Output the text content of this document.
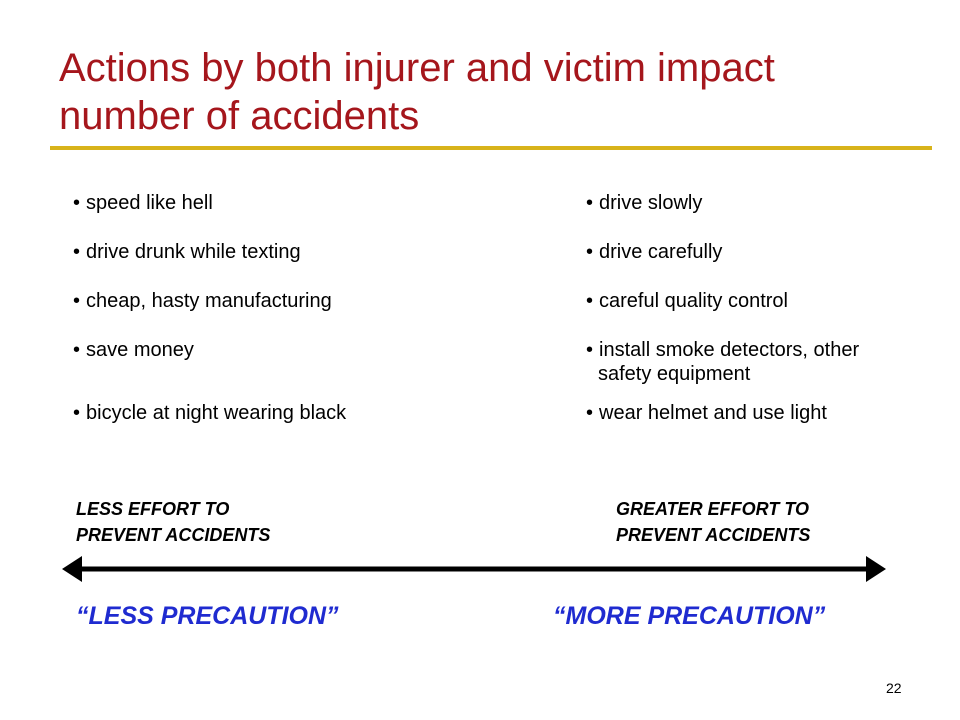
Actions by both injurer and victim impact
number of accidents
• speed like hell
• drive drunk while texting
• cheap, hasty manufacturing
• save money
• bicycle at night wearing black
• drive slowly
• drive carefully
• careful quality control
• install smoke detectors, other
safety equipment
• wear helmet and use light
LESS EFFORT TO
PREVENT ACCIDENTS
GREATER EFFORT TO
PREVENT ACCIDENTS
“LESS PRECAUTION”	“MORE PRECAUTION”
22
